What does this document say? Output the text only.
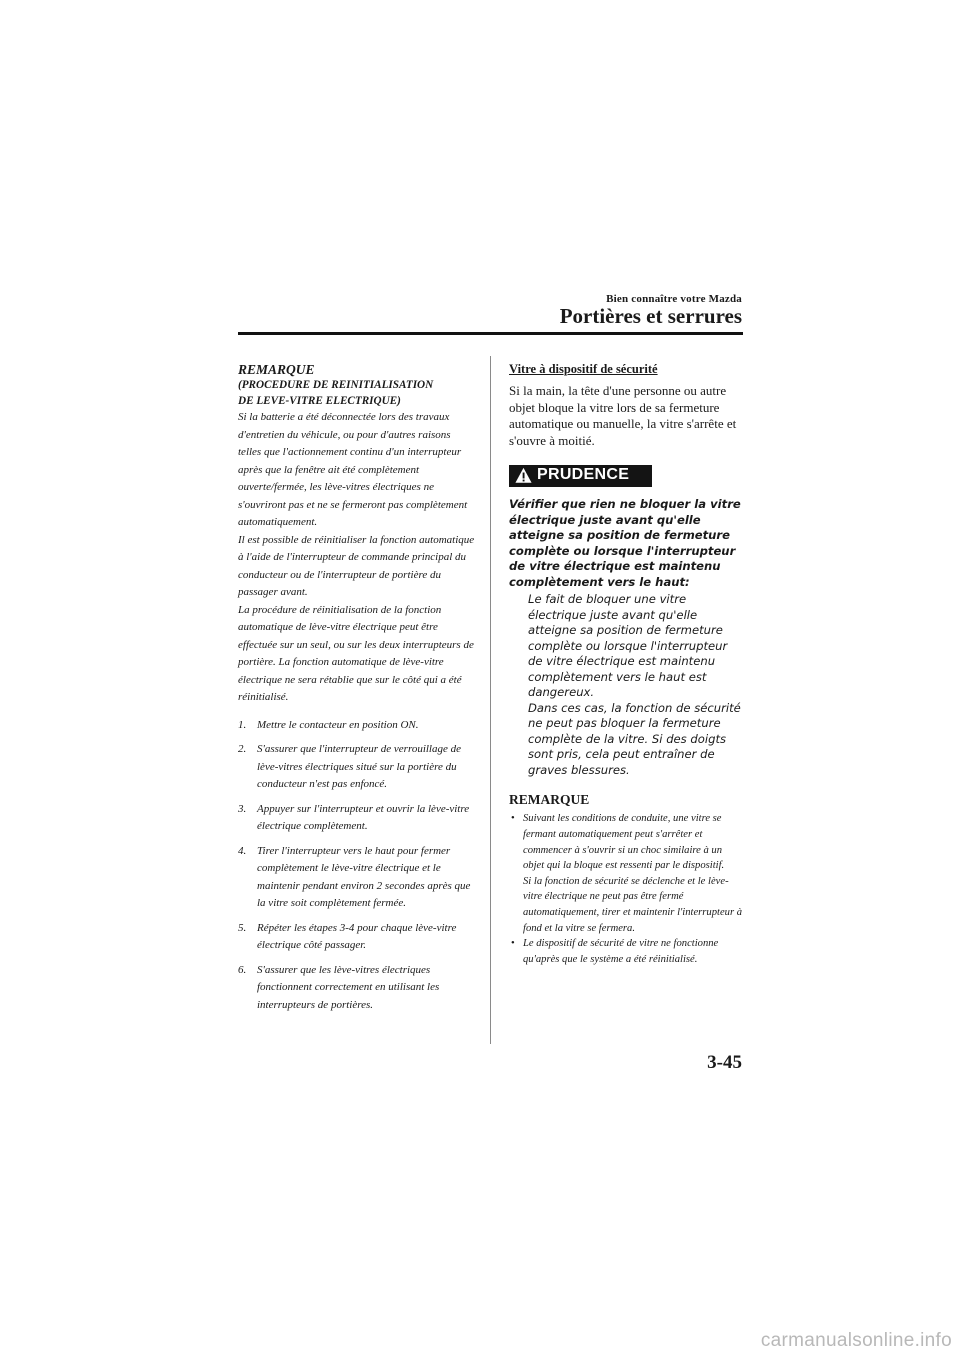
Bien connaître votre Mazda
Portières et serrures
REMARQUE
(PROCEDURE DE REINITIALISATION
DE LEVE-VITRE ELECTRIQUE)

Si la batterie a été déconnectée lors des travaux d'entretien du véhicule, ou pour d'autres raisons telles que l'actionnement continu d'un interrupteur après que la fenêtre ait été complètement ouverte/fermée, les lève-vitres électriques ne s'ouvriront pas et ne se fermeront pas complètement automatiquement.

Il est possible de réinitialiser la fonction automatique à l'aide de l'interrupteur de commande principal du conducteur ou de l'interrupteur de portière du passager avant.

La procédure de réinitialisation de la fonction automatique de lève-vitre électrique peut être effectuée sur un seul, ou sur les deux interrupteurs de portière. La fonction automatique de lève-vitre électrique ne sera rétablie que sur le côté qui a été réinitialisé.

1. Mettre le contacteur en position ON.
2. S'assurer que l'interrupteur de verrouillage de lève-vitres électriques situé sur la portière du conducteur n'est pas enfoncé.
3. Appuyer sur l'interrupteur et ouvrir la lève-vitre électrique complètement.
4. Tirer l'interrupteur vers le haut pour fermer complètement le lève-vitre électrique et le maintenir pendant environ 2 secondes après que la vitre soit complètement fermée.
5. Répéter les étapes 3-4 pour chaque lève-vitre électrique côté passager.
6. S'assurer que les lève-vitres électriques fonctionnent correctement en utilisant les interrupteurs de portières.
Vitre à dispositif de sécurité

Si la main, la tête d'une personne ou autre objet bloque la vitre lors de sa fermeture automatique ou manuelle, la vitre s'arrête et s'ouvre à moitié.

PRUDENCE
Vérifier que rien ne bloquer la vitre électrique juste avant qu'elle atteigne sa position de fermeture complète ou lorsque l'interrupteur de vitre électrique est maintenu complètement vers le haut:

Le fait de bloquer une vitre électrique juste avant qu'elle atteigne sa position de fermeture complète ou lorsque l'interrupteur de vitre électrique est maintenu complètement vers le haut est dangereux.

Dans ces cas, la fonction de sécurité ne peut pas bloquer la fermeture complète de la vitre. Si des doigts sont pris, cela peut entraîner de graves blessures.

REMARQUE
• Suivant les conditions de conduite, une vitre se fermant automatiquement peut s'arrêter et commencer à s'ouvrir si un choc similaire à un objet qui la bloque est ressenti par le dispositif.

Si la fonction de sécurité se déclenche et le lève-vitre électrique ne peut pas être fermé automatiquement, tirer et maintenir l'interrupteur à fond et la vitre se fermera.

• Le dispositif de sécurité de vitre ne fonctionne qu'après que le système a été réinitialisé.

3-45
carmanualsonline.info
